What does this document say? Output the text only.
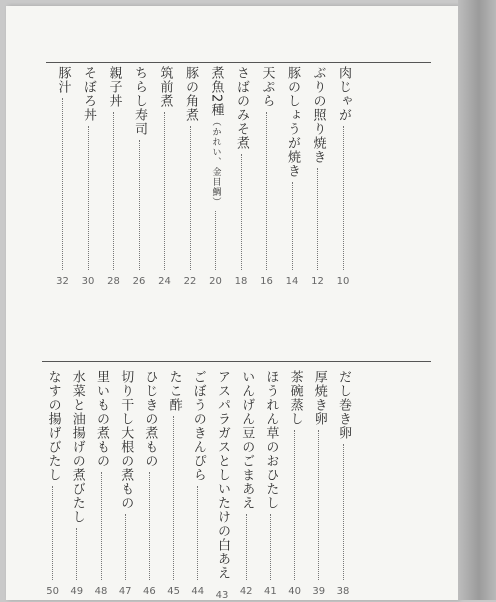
肉じゃが
10
ぶりの照り焼き
12
豚のしょうが焼き
14
天ぷら
16
さばのみそ煮
18
煮魚2種
（かれい、金目鯛）
20
豚の角煮
22
筑前煮
24
ちらし寿司
26
親子丼
28
そぼろ丼
30
豚汁
32
だし巻き卵
38
厚焼き卵
39
茶碗蒸し
40
ほうれん草のおひたし
41
いんげん豆のごまあえ
42
アスパラガスとしいたけの白あえ
43
ごぼうのきんぴら
44
たこ酢
45
ひじきの煮もの
46
切り干し大根の煮もの
47
里いもの煮もの
48
水菜と油揚げの煮びたし
49
なすの揚げびたし
50
